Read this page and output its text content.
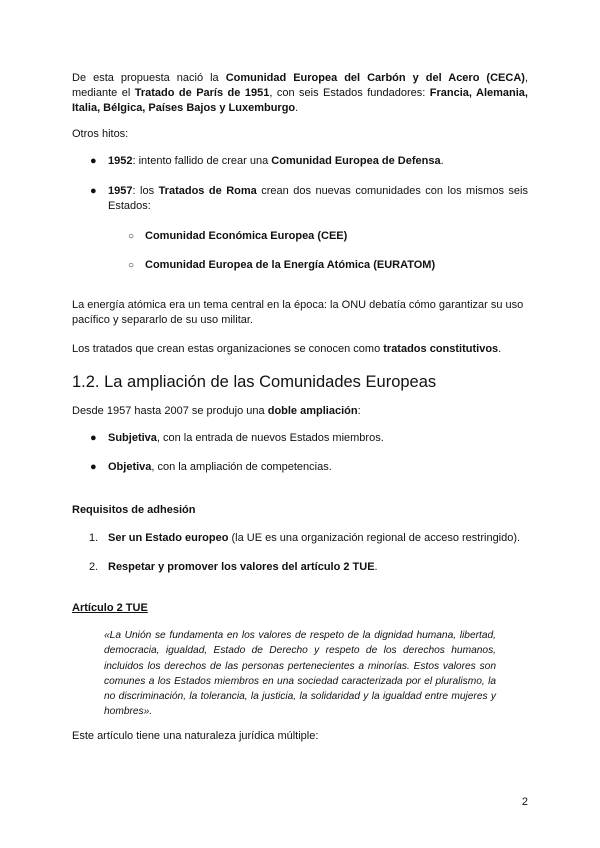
De esta propuesta nació la Comunidad Europea del Carbón y del Acero (CECA), mediante el Tratado de París de 1951, con seis Estados fundadores: Francia, Alemania, Italia, Bélgica, Países Bajos y Luxemburgo.

Otros hitos:

● 1952: intento fallido de crear una Comunidad Europea de Defensa.

● 1957: los Tratados de Roma crean dos nuevas comunidades con los mismos seis Estados:

○ Comunidad Económica Europea (CEE)

○ Comunidad Europea de la Energía Atómica (EURATOM)

La energía atómica era un tema central en la época: la ONU debatía cómo garantizar su uso pacífico y separarlo de su uso militar.

Los tratados que crean estas organizaciones se conocen como tratados constitutivos.

1.2. La ampliación de las Comunidades Europeas

Desde 1957 hasta 2007 se produjo una doble ampliación:

● Subjetiva, con la entrada de nuevos Estados miembros.

● Objetiva, con la ampliación de competencias.

Requisitos de adhesión

1. Ser un Estado europeo (la UE es una organización regional de acceso restringido).

2. Respetar y promover los valores del artículo 2 TUE.

Artículo 2 TUE

«La Unión se fundamenta en los valores de respeto de la dignidad humana, libertad, democracia, igualdad, Estado de Derecho y respeto de los derechos humanos, incluidos los derechos de las personas pertenecientes a minorías. Estos valores son comunes a los Estados miembros en una sociedad caracterizada por el pluralismo, la no discriminación, la tolerancia, la justicia, la solidaridad y la igualdad entre mujeres y hombres».

Este artículo tiene una naturaleza jurídica múltiple:

2
